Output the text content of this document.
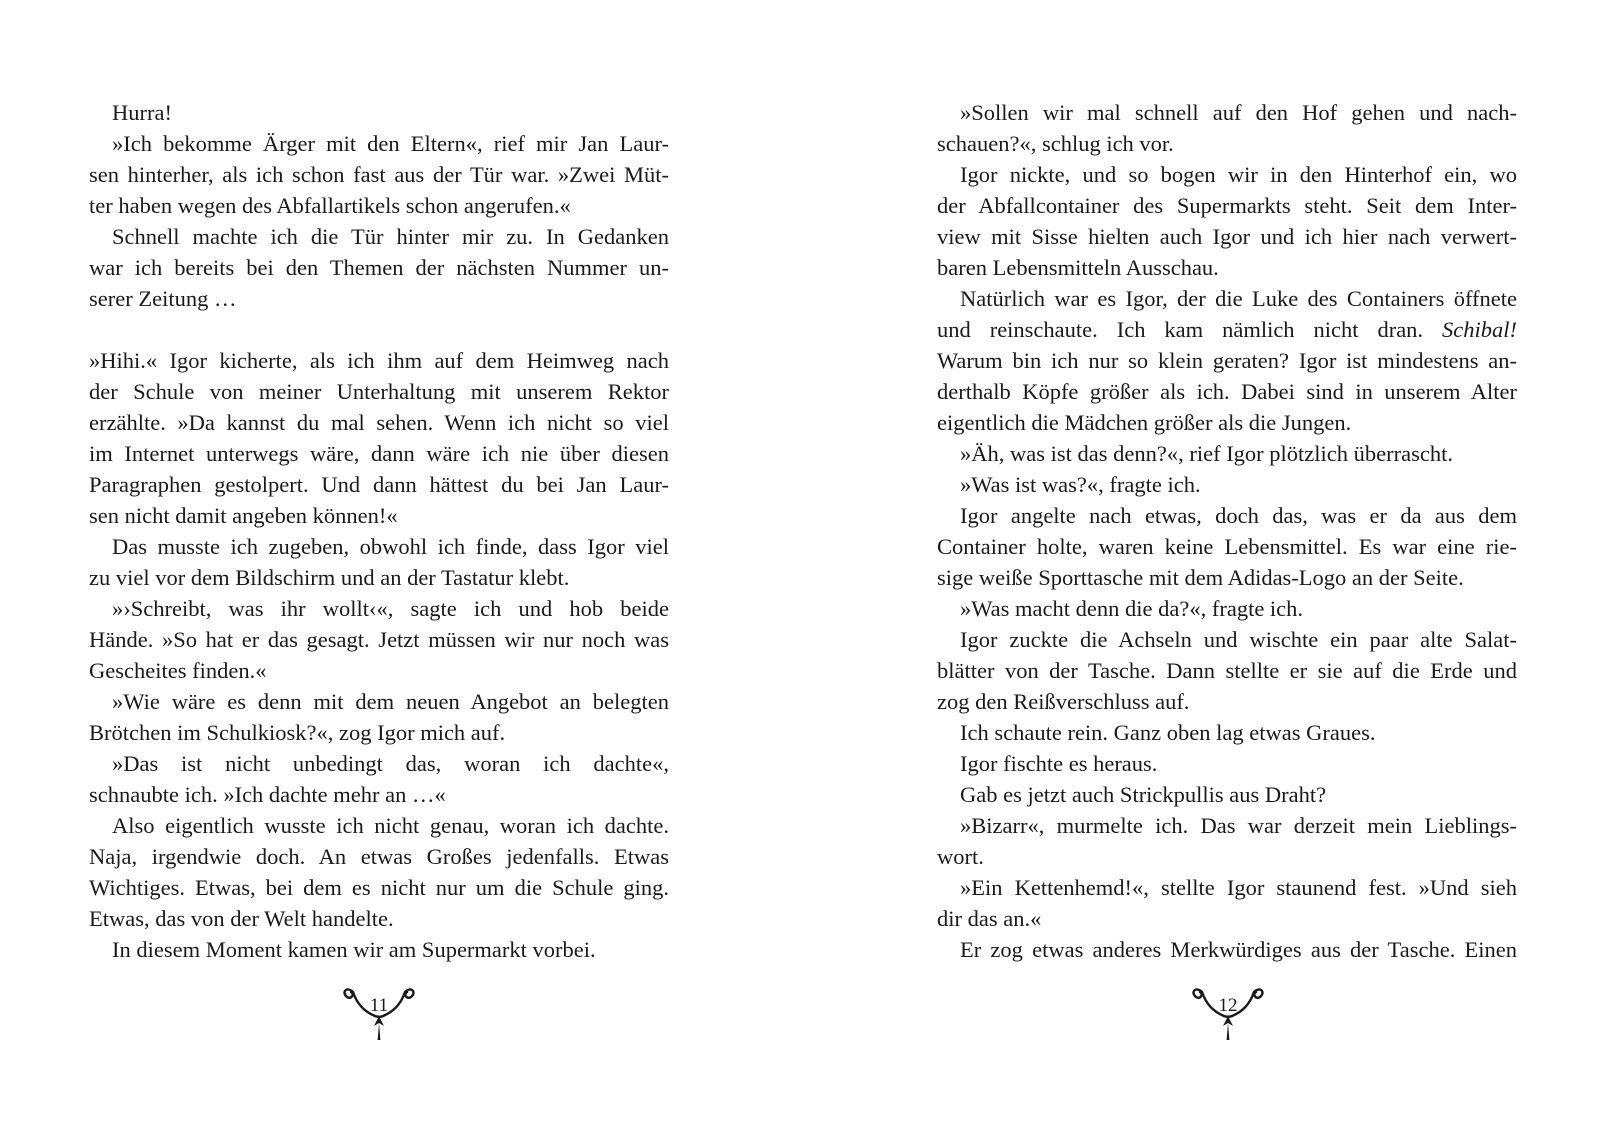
Hurra!
»Ich bekomme Ärger mit den Eltern«, rief mir Jan Laur-
sen hinterher, als ich schon fast aus der Tür war. »Zwei Müt-
ter haben wegen des Abfallartikels schon angerufen.«
Schnell machte ich die Tür hinter mir zu. In Gedanken
war ich bereits bei den Themen der nächsten Nummer un-
serer Zeitung …
»Hihi.« Igor kicherte, als ich ihm auf dem Heimweg nach
der Schule von meiner Unterhaltung mit unserem Rektor
erzählte. »Da kannst du mal sehen. Wenn ich nicht so viel
im Internet unterwegs wäre, dann wäre ich nie über diesen
Paragraphen gestolpert. Und dann hättest du bei Jan Laur-
sen nicht damit angeben können!«
Das musste ich zugeben, obwohl ich finde, dass Igor viel
zu viel vor dem Bildschirm und an der Tastatur klebt.
»›Schreibt, was ihr wollt‹«, sagte ich und hob beide
Hände. »So hat er das gesagt. Jetzt müssen wir nur noch was
Gescheites finden.«
»Wie wäre es denn mit dem neuen Angebot an belegten
Brötchen im Schulkiosk?«, zog Igor mich auf.
»Das ist nicht unbedingt das, woran ich dachte«,
schnaubte ich. »Ich dachte mehr an …«
Also eigentlich wusste ich nicht genau, woran ich dachte.
Naja, irgendwie doch. An etwas Großes jedenfalls. Etwas
Wichtiges. Etwas, bei dem es nicht nur um die Schule ging.
Etwas, das von der Welt handelte.
In diesem Moment kamen wir am Supermarkt vorbei.
»Sollen wir mal schnell auf den Hof gehen und nach-
schauen?«, schlug ich vor.
Igor nickte, und so bogen wir in den Hinterhof ein, wo
der Abfallcontainer des Supermarkts steht. Seit dem Inter-
view mit Sisse hielten auch Igor und ich hier nach verwert-
baren Lebensmitteln Ausschau.
Natürlich war es Igor, der die Luke des Containers öffnete
und reinschaute. Ich kam nämlich nicht dran. Schibal!
Warum bin ich nur so klein geraten? Igor ist mindestens an-
derthalb Köpfe größer als ich. Dabei sind in unserem Alter
eigentlich die Mädchen größer als die Jungen.
»Äh, was ist das denn?«, rief Igor plötzlich überrascht.
»Was ist was?«, fragte ich.
Igor angelte nach etwas, doch das, was er da aus dem
Container holte, waren keine Lebensmittel. Es war eine rie-
sige weiße Sporttasche mit dem Adidas-Logo an der Seite.
»Was macht denn die da?«, fragte ich.
Igor zuckte die Achseln und wischte ein paar alte Salat-
blätter von der Tasche. Dann stellte er sie auf die Erde und
zog den Reißverschluss auf.
Ich schaute rein. Ganz oben lag etwas Graues.
Igor fischte es heraus.
Gab es jetzt auch Strickpullis aus Draht?
»Bizarr«, murmelte ich. Das war derzeit mein Lieblings-
wort.
»Ein Kettenhemd!«, stellte Igor staunend fest. »Und sieh
dir das an.«
Er zog etwas anderes Merkwürdiges aus der Tasche. Einen
11	12
